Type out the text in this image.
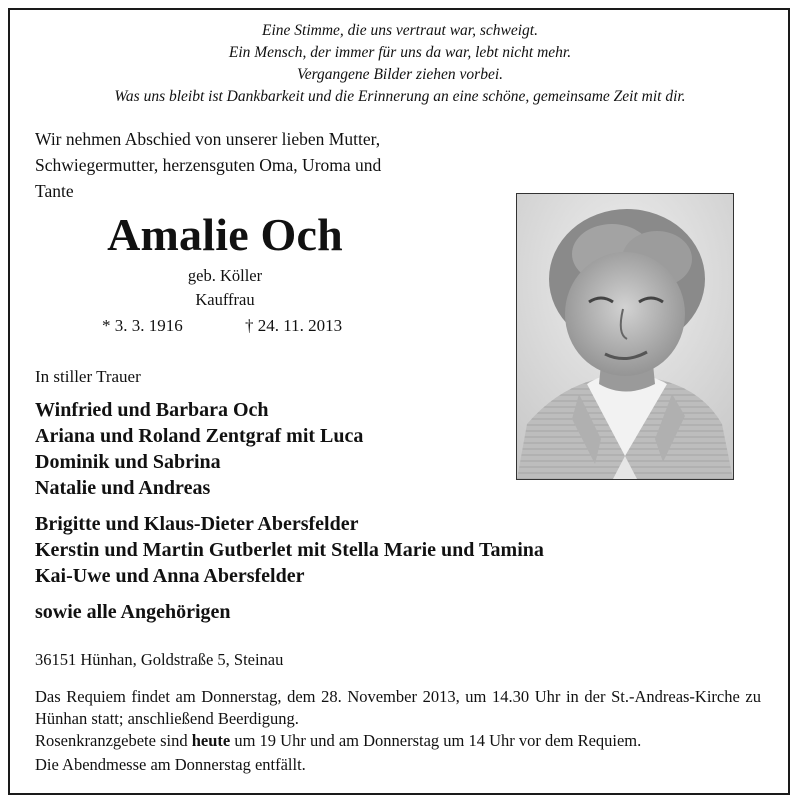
Eine Stimme, die uns vertraut war, schweigt.
Ein Mensch, der immer für uns da war, lebt nicht mehr.
Vergangene Bilder ziehen vorbei.
Was uns bleibt ist Dankbarkeit und die Erinnerung an eine schöne, gemeinsame Zeit mit dir.
Wir nehmen Abschied von unserer lieben Mutter,
Schwiegermutter, herzensguten Oma, Uroma und
Tante
Amalie Och
geb. Köller
Kauffrau
* 3. 3. 1916	† 24. 11. 2013
In stiller Trauer
Winfried und Barbara Och
Ariana und Roland Zentgraf mit Luca
Dominik und Sabrina
Natalie und Andreas
Brigitte und Klaus-Dieter Abersfelder
Kerstin und Martin Gutberlet mit Stella Marie und Tamina
Kai-Uwe und Anna Abersfelder
sowie alle Angehörigen
36151 Hünhan, Goldstraße 5, Steinau
Das Requiem findet am Donnerstag, dem 28. November 2013, um 14.30 Uhr in der St.-Andreas-Kirche zu Hünhan statt; anschließend Beerdigung.
Rosenkranzgebete sind heute um 19 Uhr und am Donnerstag um 14 Uhr vor dem Requiem.
Die Abendmesse am Donnerstag entfällt.
